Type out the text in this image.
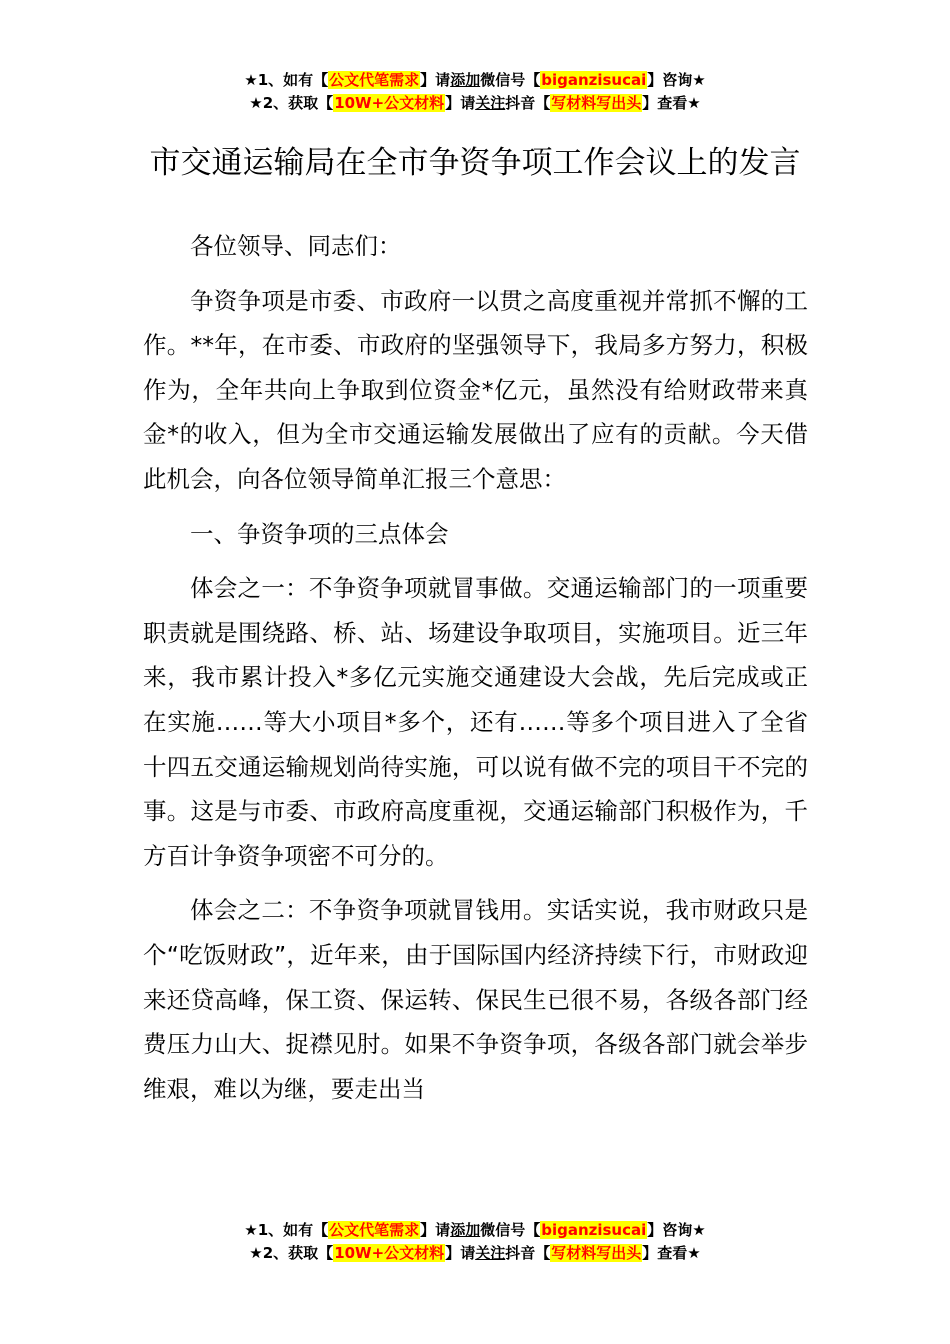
★1、如有【公文代笔需求】请添加微信号【biganzisucai】咨询★
★2、获取【10W+公文材料】请关注抖音【写材料写出头】查看★
市交通运输局在全市争资争项工作会议上的发言

各位领导、同志们：

争资争项是市委、市政府一以贯之高度重视并常抓不懈的工作。**年，在市委、市政府的坚强领导下，我局多方努力，积极作为，全年共向上争取到位资金*亿元，虽然没有给财政带来真金*的收入，但为全市交通运输发展做出了应有的贡献。今天借此机会，向各位领导简单汇报三个意思：

一、争资争项的三点体会

体会之一：不争资争项就冒事做。交通运输部门的一项重要职责就是围绕路、桥、站、场建设争取项目，实施项目。近三年来，我市累计投入*多亿元实施交通建设大会战，先后完成或正在实施……等大小项目*多个，还有……等多个项目进入了全省十四五交通运输规划尚待实施，可以说有做不完的项目干不完的事。这是与市委、市政府高度重视，交通运输部门积极作为，千方百计争资争项密不可分的。

体会之二：不争资争项就冒钱用。实话实说，我市财政只是个“吃饭财政”，近年来，由于国际国内经济持续下行，市财政迎来还贷高峰，保工资、保运转、保民生已很不易，各级各部门经费压力山大、捉襟见肘。如果不争资争项，各级各部门就会举步维艰，难以为继，要走出当

★1、如有【公文代笔需求】请添加微信号【biganzisucai】咨询★
★2、获取【10W+公文材料】请关注抖音【写材料写出头】查看★
